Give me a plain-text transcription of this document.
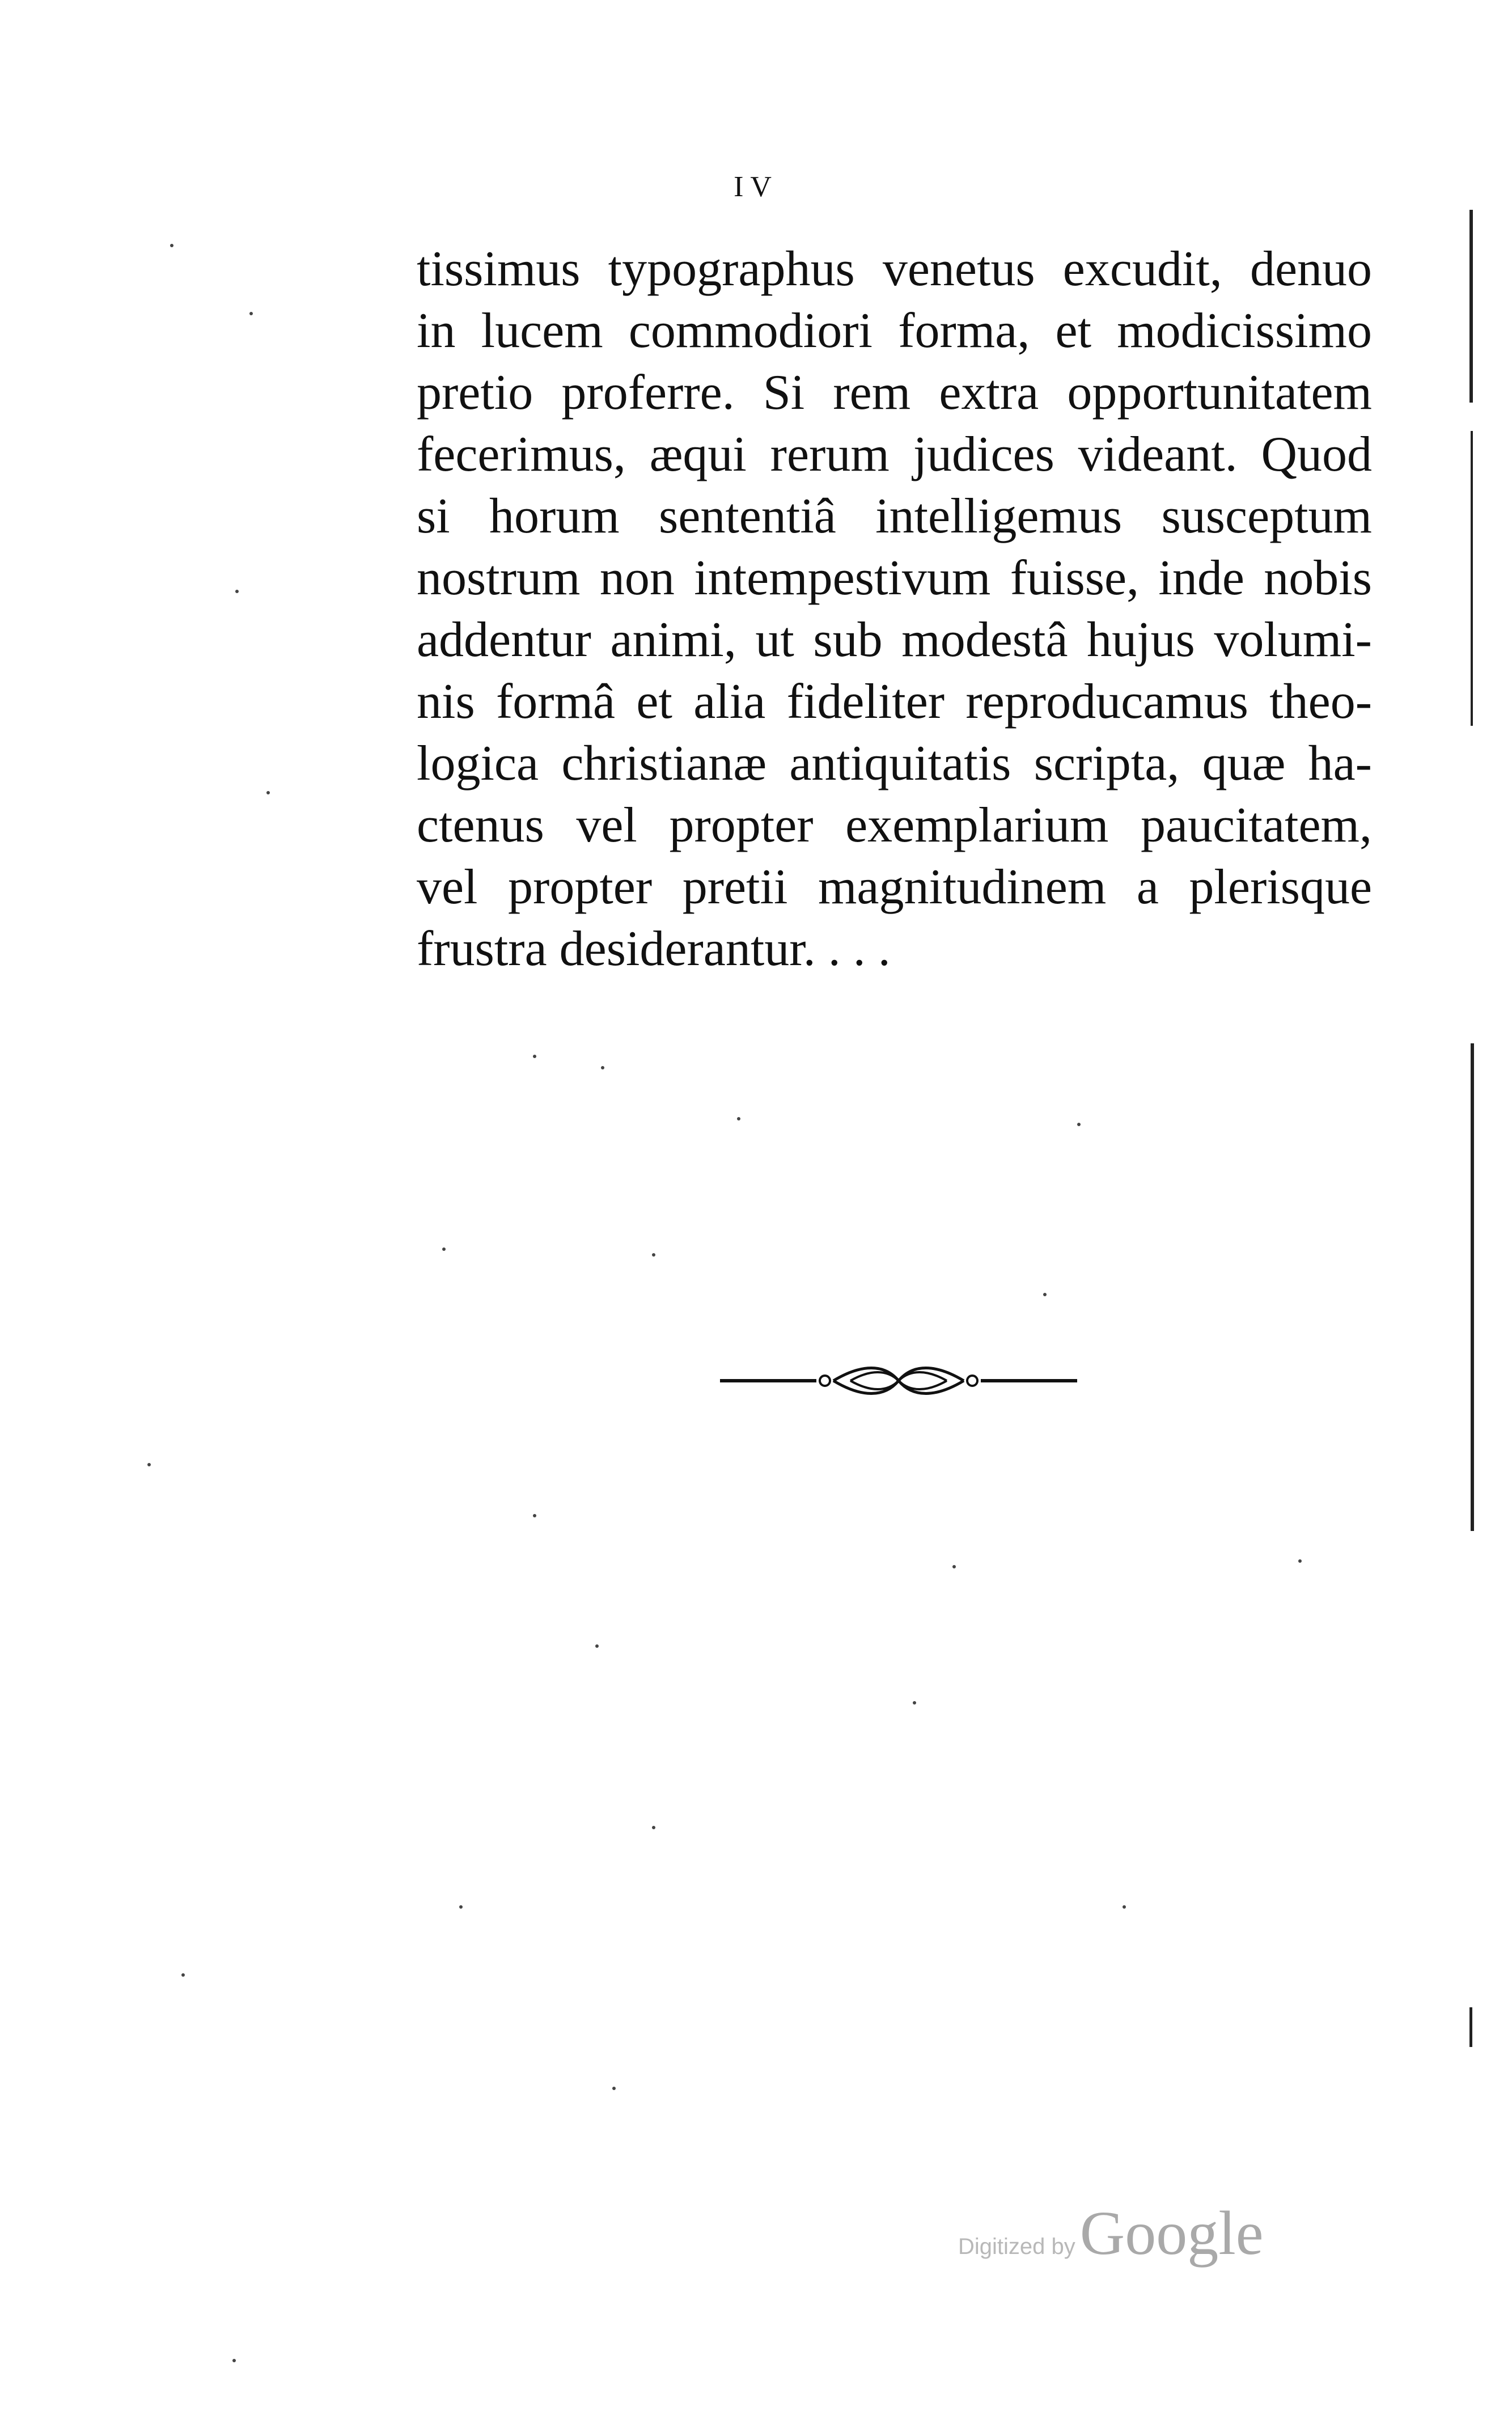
IV
tissimus typographus venetus excudit, denuo
in lucem commodiori forma, et modicissimo
pretio proferre. Si rem extra opportunitatem
fecerimus, æqui rerum judices videant. Quod
si horum sententiâ intelligemus susceptum
nostrum non intempestivum fuisse, inde nobis
addentur animi, ut sub modestâ hujus volumi-
nis formâ et alia fideliter reproducamus theo-
logica christianæ antiquitatis scripta, quæ ha-
ctenus vel propter exemplarium paucitatem,
vel propter pretii magnitudinem a plerisque
frustra desiderantur. . . .
Digitized by Google
